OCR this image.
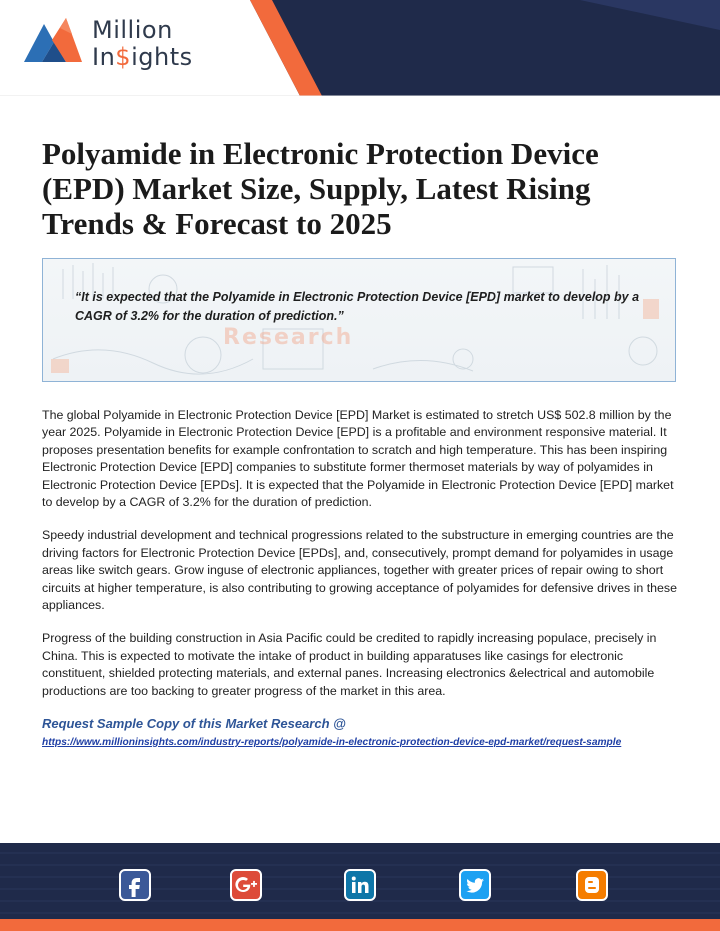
Million
In$ights
Polyamide in Electronic Protection Device (EPD) Market Size, Supply, Latest Rising Trends & Forecast to 2025
Research
“It is expected that the Polyamide in Electronic Protection Device [EPD] market to develop by a CAGR of 3.2% for the duration of prediction.”

The global Polyamide in Electronic Protection Device [EPD] Market is estimated to stretch US$ 502.8 million by the year 2025. Polyamide in Electronic Protection Device [EPD] is a profitable and environment responsive material. It proposes presentation benefits for example confrontation to scratch and high temperature. This has been inspiring Electronic Protection Device [EPD] companies to substitute former thermoset materials by way of polyamides in Electronic Protection Device [EPDs]. It is expected that the Polyamide in Electronic Protection Device [EPD] market to develop by a CAGR of 3.2% for the duration of prediction.

Speedy industrial development and technical progressions related to the substructure in emerging countries are the driving factors for Electronic Protection Device [EPDs], and, consecutively, prompt demand for polyamides in usage areas like switch gears. Grow inguse of electronic appliances, together with greater prices of repair owing to short circuits at higher temperature, is also contributing to growing acceptance of polyamides for defensive drives in these appliances.

Progress of the building construction in Asia Pacific could be credited to rapidly increasing populace, precisely in China. This is expected to motivate the intake of product in building apparatuses like casings for electronic constituent, shielded protecting materials, and external panes. Increasing electronics &electrical and automobile productions are too backing to greater progress of the market in this area.

Request Sample Copy of this Market Research @
https://www.millioninsights.com/industry-reports/polyamide-in-electronic-protection-device-epd-market/request-sample
